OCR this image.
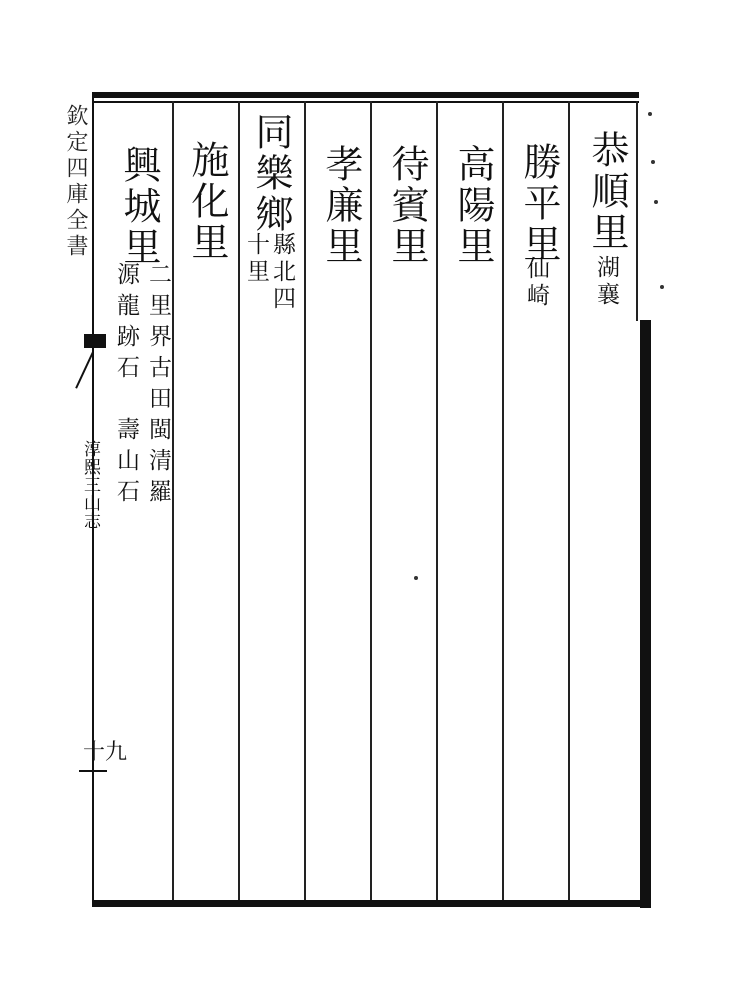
欽定四庫全書
淳熙三山志
十九
恭順里
湖襄
勝平里
仙崎
高陽里
待賓里
孝廉里
同樂鄉
縣北四
十里
施化里
興城里
二里界古田閩清羅
源龍跡石　壽山石
